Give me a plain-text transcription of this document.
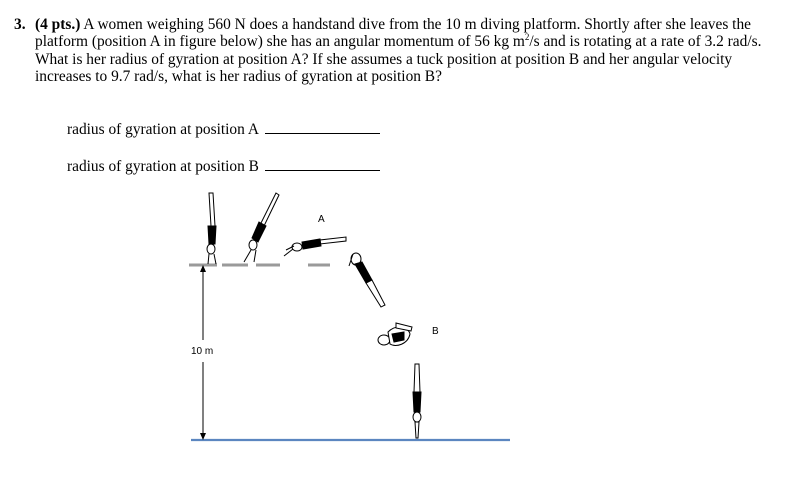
3. (4 pts.) A women weighing 560 N does a handstand dive from the 10 m diving platform. Shortly after she leaves the platform (position A in figure below) she has an angular momentum of 56 kg $m^2/s$ and is rotating at a rate of 3.2 rad/s. What is her radius of gyration at position A? If she assumes a tuck position at position B and her angular velocity increases to 9.7 rad/s, what is her radius of gyration at position B?
radius of gyration at position A
radius of gyration at position B
A
B
10 m
